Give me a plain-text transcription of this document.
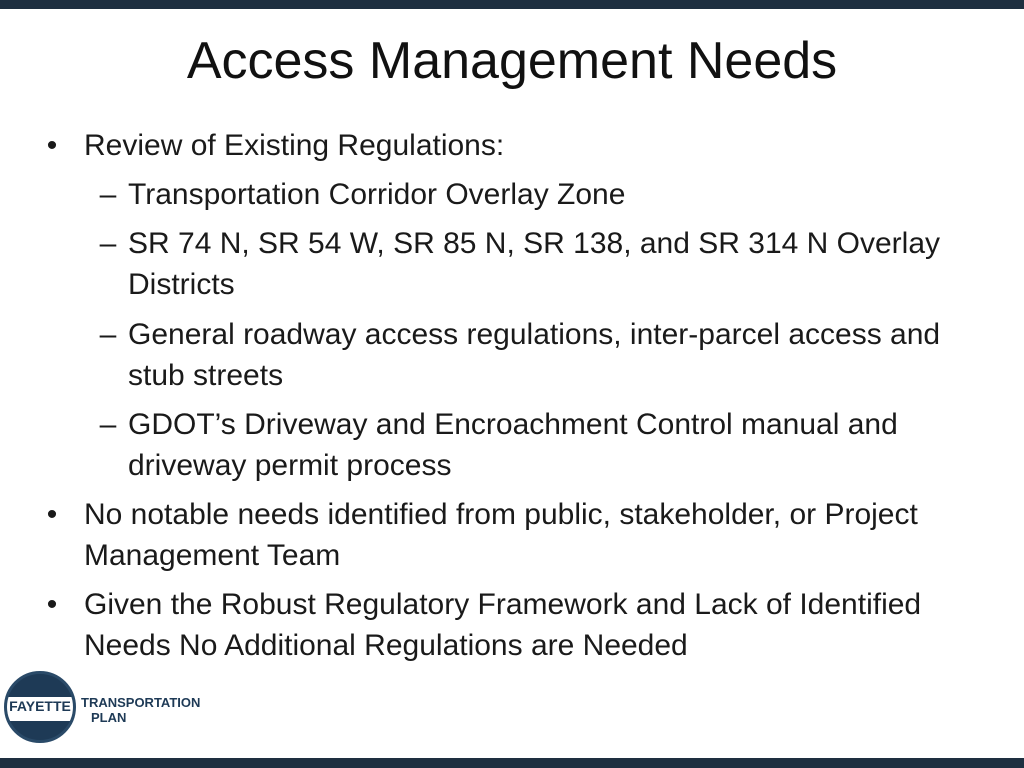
Access Management Needs
• Review of Existing Regulations:
– Transportation Corridor Overlay Zone
– SR 74 N, SR 54 W, SR 85 N, SR 138, and SR 314 N Overlay
Districts
– General roadway access regulations, inter-parcel access and
stub streets
– GDOT’s Driveway and Encroachment Control manual and
driveway permit process
• No notable needs identified from public, stakeholder, or Project
Management Team
• Given the Robust Regulatory Framework and Lack of Identified
Needs No Additional Regulations are Needed
FAYETTE TRANSPORTATION
PLAN
